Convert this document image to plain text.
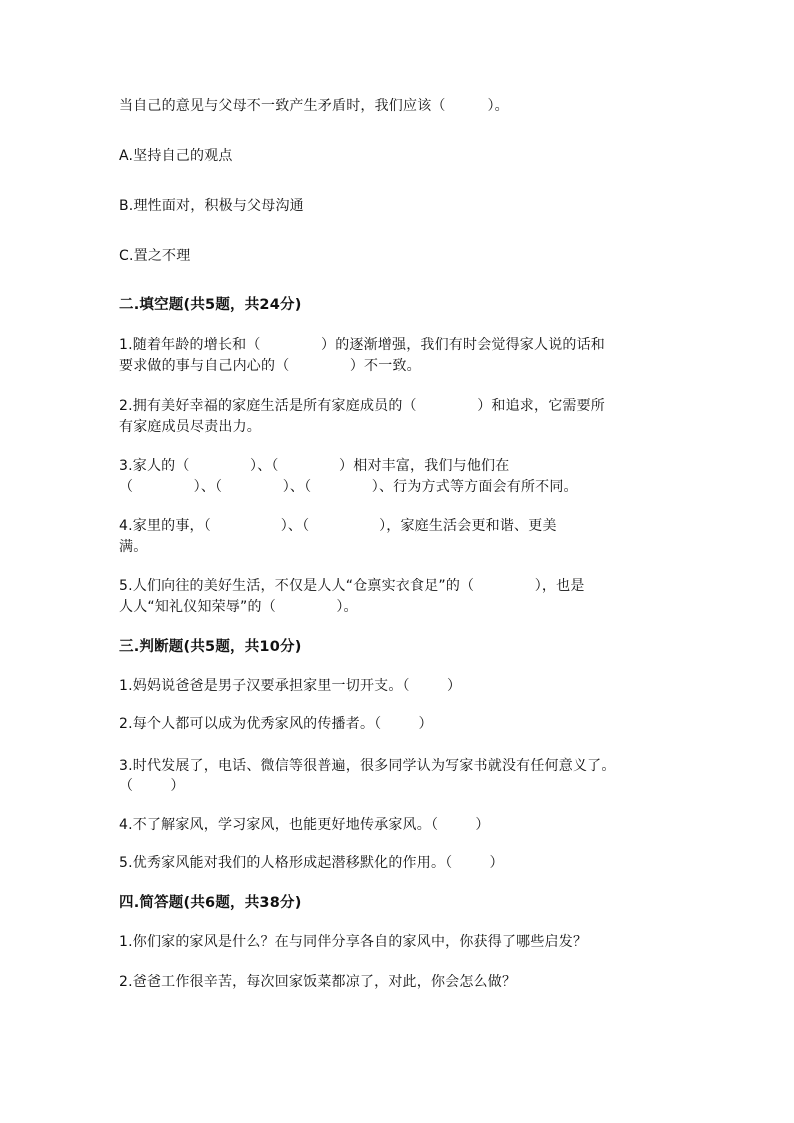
当自己的意见与父母不一致产生矛盾时，我们应该（         ）。
A.坚持自己的观点
B.理性面对，积极与父母沟通
C.置之不理
二.填空题(共5题，共24分)
1.随着年龄的增长和（             ）的逐渐增强，我们有时会觉得家人说的话和
要求做的事与自己内心的（             ）不一致。
2.拥有美好幸福的家庭生活是所有家庭成员的（             ）和追求，它需要所
有家庭成员尽责出力。
3.家人的（             ）、（             ）相对丰富，我们与他们在
（             ）、（             ）、（             ）、行为方式等方面会有所不同。
4.家里的事，（               ）、（               ），家庭生活会更和谐、更美
满。
5.人们向往的美好生活，不仅是人人“仓禀实衣食足”的（             ），也是
人人“知礼仪知荣辱”的（             ）。
三.判断题(共5题，共10分)
1.妈妈说爸爸是男子汉要承担家里一切开支。（        ）
2.每个人都可以成为优秀家风的传播者。（        ）
3.时代发展了，电话、微信等很普遍，很多同学认为写家书就没有任何意义了。
（        ）
4.不了解家风，学习家风，也能更好地传承家风。（        ）
5.优秀家风能对我们的人格形成起潜移默化的作用。（        ）
四.简答题(共6题，共38分)
1.你们家的家风是什么？在与同伴分享各自的家风中，你获得了哪些启发？
2.爸爸工作很辛苦，每次回家饭菜都凉了，对此，你会怎么做？
